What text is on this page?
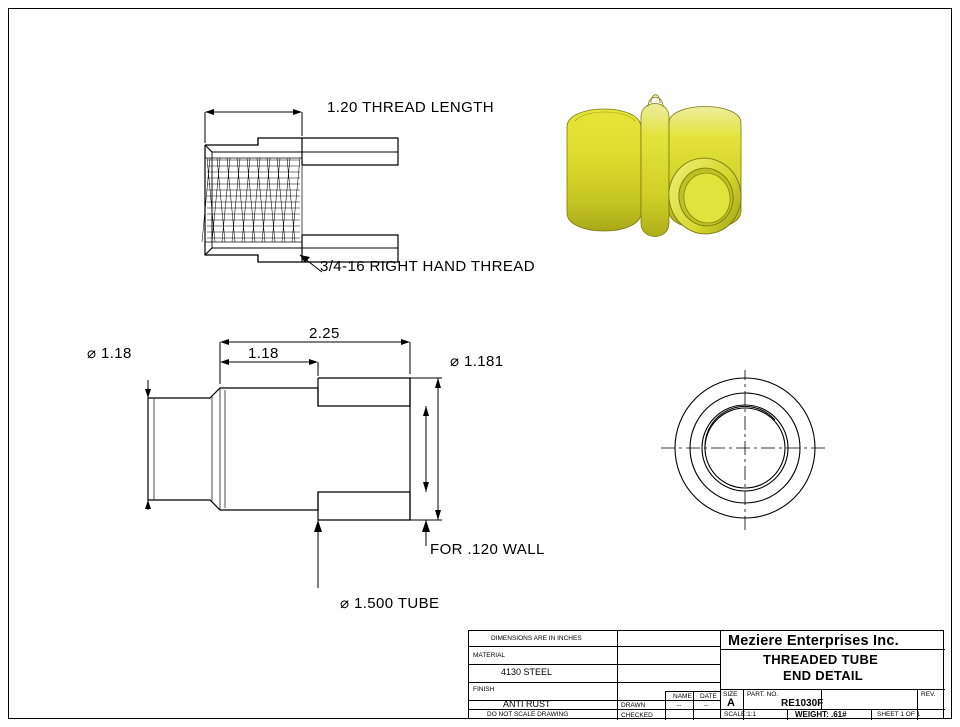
1.20 THREAD LENGTH
3/4-16 RIGHT HAND THREAD
2.25
1.18
⌀ 1.18	⌀ 1.181
FOR .120 WALL
⌀ 1.500 TUBE
DIMENSIONS ARE IN INCHES
MATERIAL
4130 STEEL
FINISH
ANTI RUST
DO NOT SCALE DRAWING
NAME DATE
DRAWN	--	--
CHECKED
Meziere Enterprises Inc.
THREADED TUBE
END DETAIL
SIZE
A
PART. NO.
RE1030F
REV.
SCALE:1:1	WEIGHT: .61#	SHEET 1 OF 1
